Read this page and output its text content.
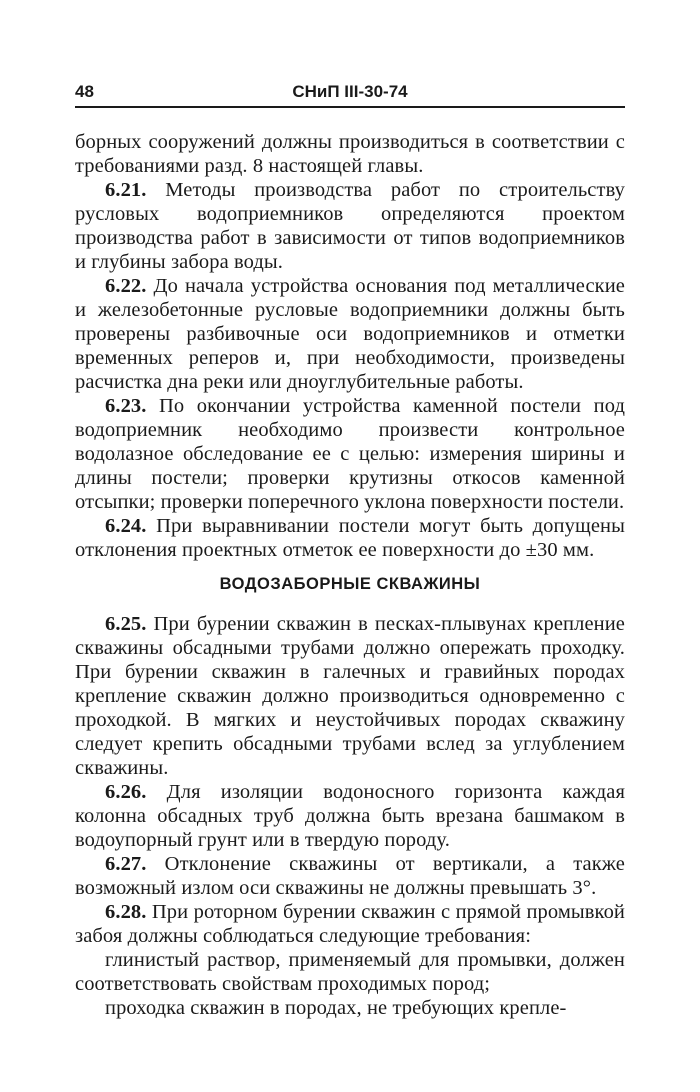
48	СНиП III-30-74

борных сооружений должны производиться в соответствии с требованиями разд. 8 настоящей главы.

6.21. Методы производства работ по строительству русловых водоприемников определяются проектом производства работ в зависимости от типов водоприемников и глубины забора воды.

6.22. До начала устройства основания под металлические и железобетонные русловые водоприемники должны быть проверены разбивочные оси водоприемников и отметки временных реперов и, при необходимости, произведены расчистка дна реки или дноуглубительные работы.

6.23. По окончании устройства каменной постели под водоприемник необходимо произвести контрольное водолазное обследование ее с целью: измерения ширины и длины постели; проверки крутизны откосов каменной отсыпки; проверки поперечного уклона поверхности постели.

6.24. При выравнивании постели могут быть допущены отклонения проектных отметок ее поверхности до ±30 мм.

ВОДОЗАБОРНЫЕ СКВАЖИНЫ

6.25. При бурении скважин в песках-плывунах крепление скважины обсадными трубами должно опережать проходку. При бурении скважин в галечных и гравийных породах крепление скважин должно производиться одновременно с проходкой. В мягких и неустойчивых породах скважину следует крепить обсадными трубами вслед за углублением скважины.

6.26. Для изоляции водоносного горизонта каждая колонна обсадных труб должна быть врезана башмаком в водоупорный грунт или в твердую породу.

6.27. Отклонение скважины от вертикали, а также возможный излом оси скважины не должны превышать 3°.

6.28. При роторном бурении скважин с прямой промывкой забоя должны соблюдаться следующие требования:

глинистый раствор, применяемый для промывки, должен соответствовать свойствам проходимых пород;

проходка скважин в породах, не требующих крепле-
